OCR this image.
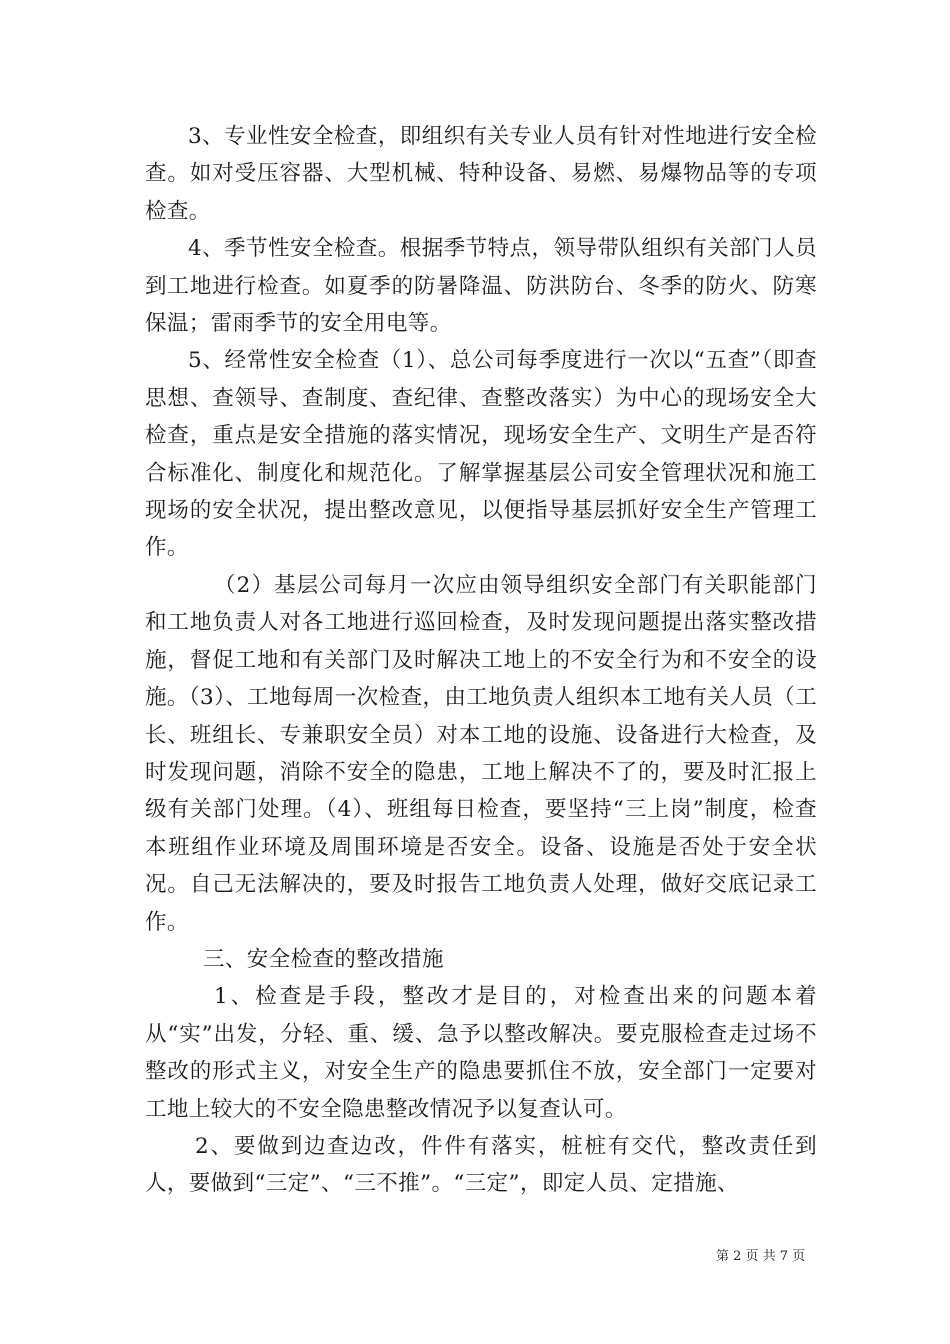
3、专业性安全检查，即组织有关专业人员有针对性地进行安全检查。如对受压容器、大型机械、特种设备、易燃、易爆物品等的专项检查。

4、季节性安全检查。根据季节特点，领导带队组织有关部门人员到工地进行检查。如夏季的防暑降温、防洪防台、冬季的防火、防寒保温；雷雨季节的安全用电等。

5、经常性安全检查（1）、总公司每季度进行一次以“五查”（即查思想、查领导、查制度、查纪律、查整改落实）为中心的现场安全大检查，重点是安全措施的落实情况，现场安全生产、文明生产是否符合标准化、制度化和规范化。了解掌握基层公司安全管理状况和施工现场的安全状况，提出整改意见，以便指导基层抓好安全生产管理工作。

（2）基层公司每月一次应由领导组织安全部门有关职能部门和工地负责人对各工地进行巡回检查，及时发现问题提出落实整改措施，督促工地和有关部门及时解决工地上的不安全行为和不安全的设施。（3）、工地每周一次检查，由工地负责人组织本工地有关人员（工长、班组长、专兼职安全员）对本工地的设施、设备进行大检查，及时发现问题，消除不安全的隐患，工地上解决不了的，要及时汇报上级有关部门处理。（4）、班组每日检查，要坚持“三上岗”制度，检查本班组作业环境及周围环境是否安全。设备、设施是否处于安全状况。自己无法解决的，要及时报告工地负责人处理，做好交底记录工作。

三、安全检查的整改措施

1、检查是手段，整改才是目的，对检查出来的问题本着从“实”出发，分轻、重、缓、急予以整改解决。要克服检查走过场不整改的形式主义，对安全生产的隐患要抓住不放，安全部门一定要对工地上较大的不安全隐患整改情况予以复查认可。

2、要做到边查边改，件件有落实，桩桩有交代，整改责任到人，要做到“三定”、“三不推”。“三定”，即定人员、定措施、

第 2 页 共 7 页
